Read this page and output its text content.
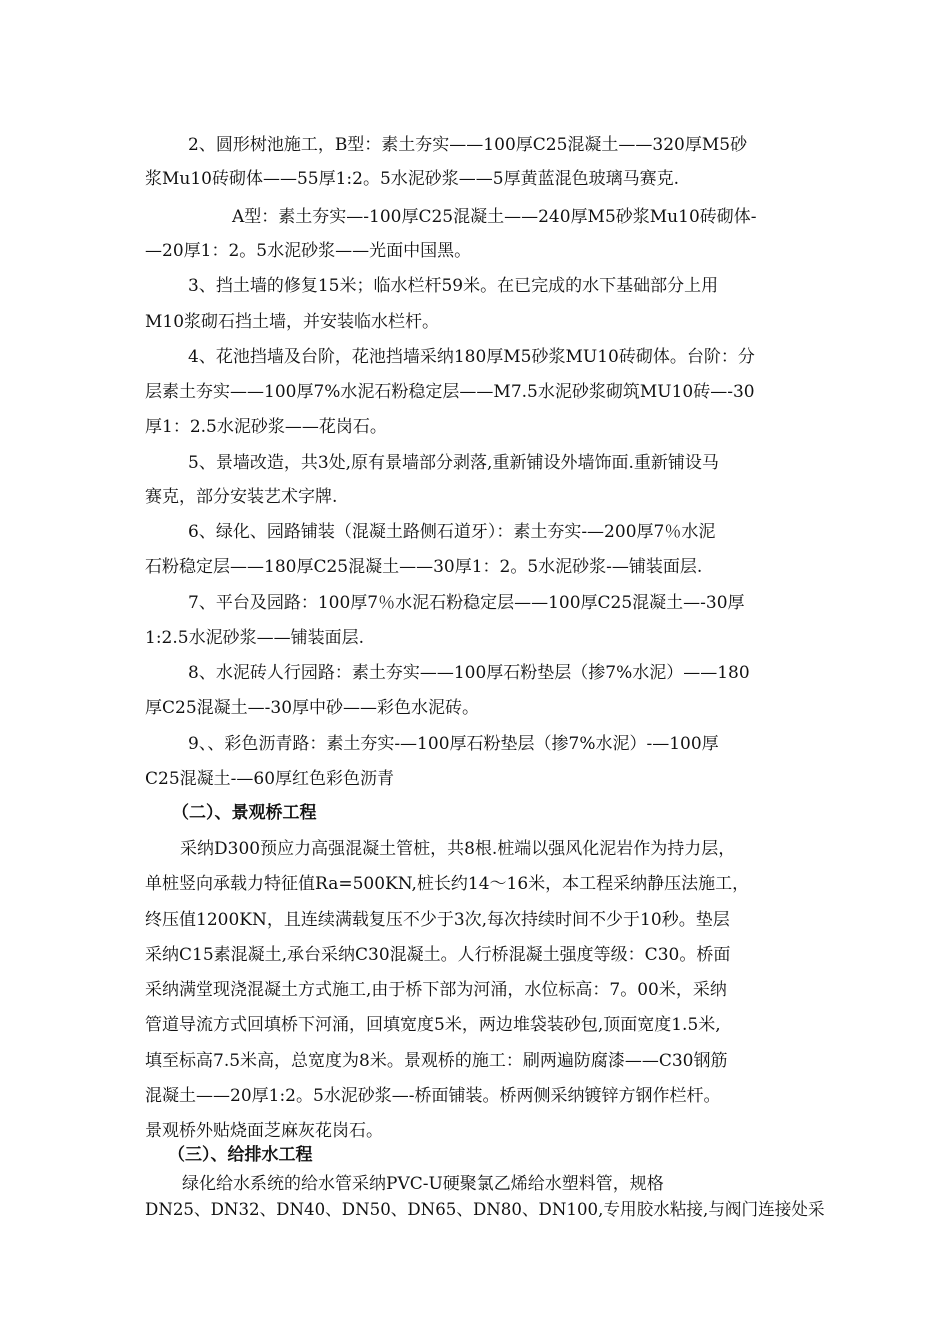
2、圆形树池施工，B型：素土夯实——100厚C25混凝土——320厚M5砂
浆Mu10砖砌体——55厚1:2。5水泥砂浆——5厚黄蓝混色玻璃马赛克.
A型：素土夯实—-100厚C25混凝土——240厚M5砂浆Mu10砖砌体-
—20厚1：2。5水泥砂浆——光面中国黑。
3、挡土墙的修复15米；临水栏杆59米。在已完成的水下基础部分上用
M10浆砌石挡土墙，并安装临水栏杆。
4、花池挡墙及台阶，花池挡墙采纳180厚M5砂浆MU10砖砌体。台阶：分
层素土夯实——100厚7%水泥石粉稳定层——M7.5水泥砂浆砌筑MU10砖—-30
厚1：2.5水泥砂浆——花岗石。
5、景墙改造，共3处,原有景墙部分剥落,重新铺设外墙饰面.重新铺设马
赛克，部分安装艺术字牌.
6、绿化、园路铺装（混凝土路侧石道牙）：素土夯实-—200厚7％水泥
石粉稳定层——180厚C25混凝土——30厚1：2。5水泥砂浆-—铺装面层.
7、平台及园路：100厚7％水泥石粉稳定层——100厚C25混凝土—-30厚
1:2.5水泥砂浆——铺装面层.
8、水泥砖人行园路：素土夯实——100厚石粉垫层（掺7%水泥）——180
厚C25混凝土—-30厚中砂——彩色水泥砖。
9、、彩色沥青路：素土夯实-—100厚石粉垫层（掺7%水泥）-—100厚
C25混凝土-—60厚红色彩色沥青
（二）、景观桥工程
采纳D300预应力高强混凝土管桩，共8根.桩端以强风化泥岩作为持力层，
单桩竖向承载力特征值Ra=500KN,桩长约14～16米，本工程采纳静压法施工，
终压值1200KN，且连续满载复压不少于3次,每次持续时间不少于10秒。垫层
采纳C15素混凝土,承台采纳C30混凝土。人行桥混凝土强度等级：C30。桥面
采纳满堂现浇混凝土方式施工,由于桥下部为河涌，水位标高：7。00米，采纳
管道导流方式回填桥下河涌，回填宽度5米，两边堆袋装砂包,顶面宽度1.5米,
填至标高7.5米高，总宽度为8米。景观桥的施工：刷两遍防腐漆——C30钢筋
混凝土——20厚1:2。5水泥砂浆—-桥面铺装。桥两侧采纳镀锌方钢作栏杆。
景观桥外贴烧面芝麻灰花岗石。
（三）、给排水工程
绿化给水系统的给水管采纳PVC-U硬聚氯乙烯给水塑料管，规格
DN25、DN32、DN40、DN50、DN65、DN80、DN100,专用胶水粘接,与阀门连接处采
